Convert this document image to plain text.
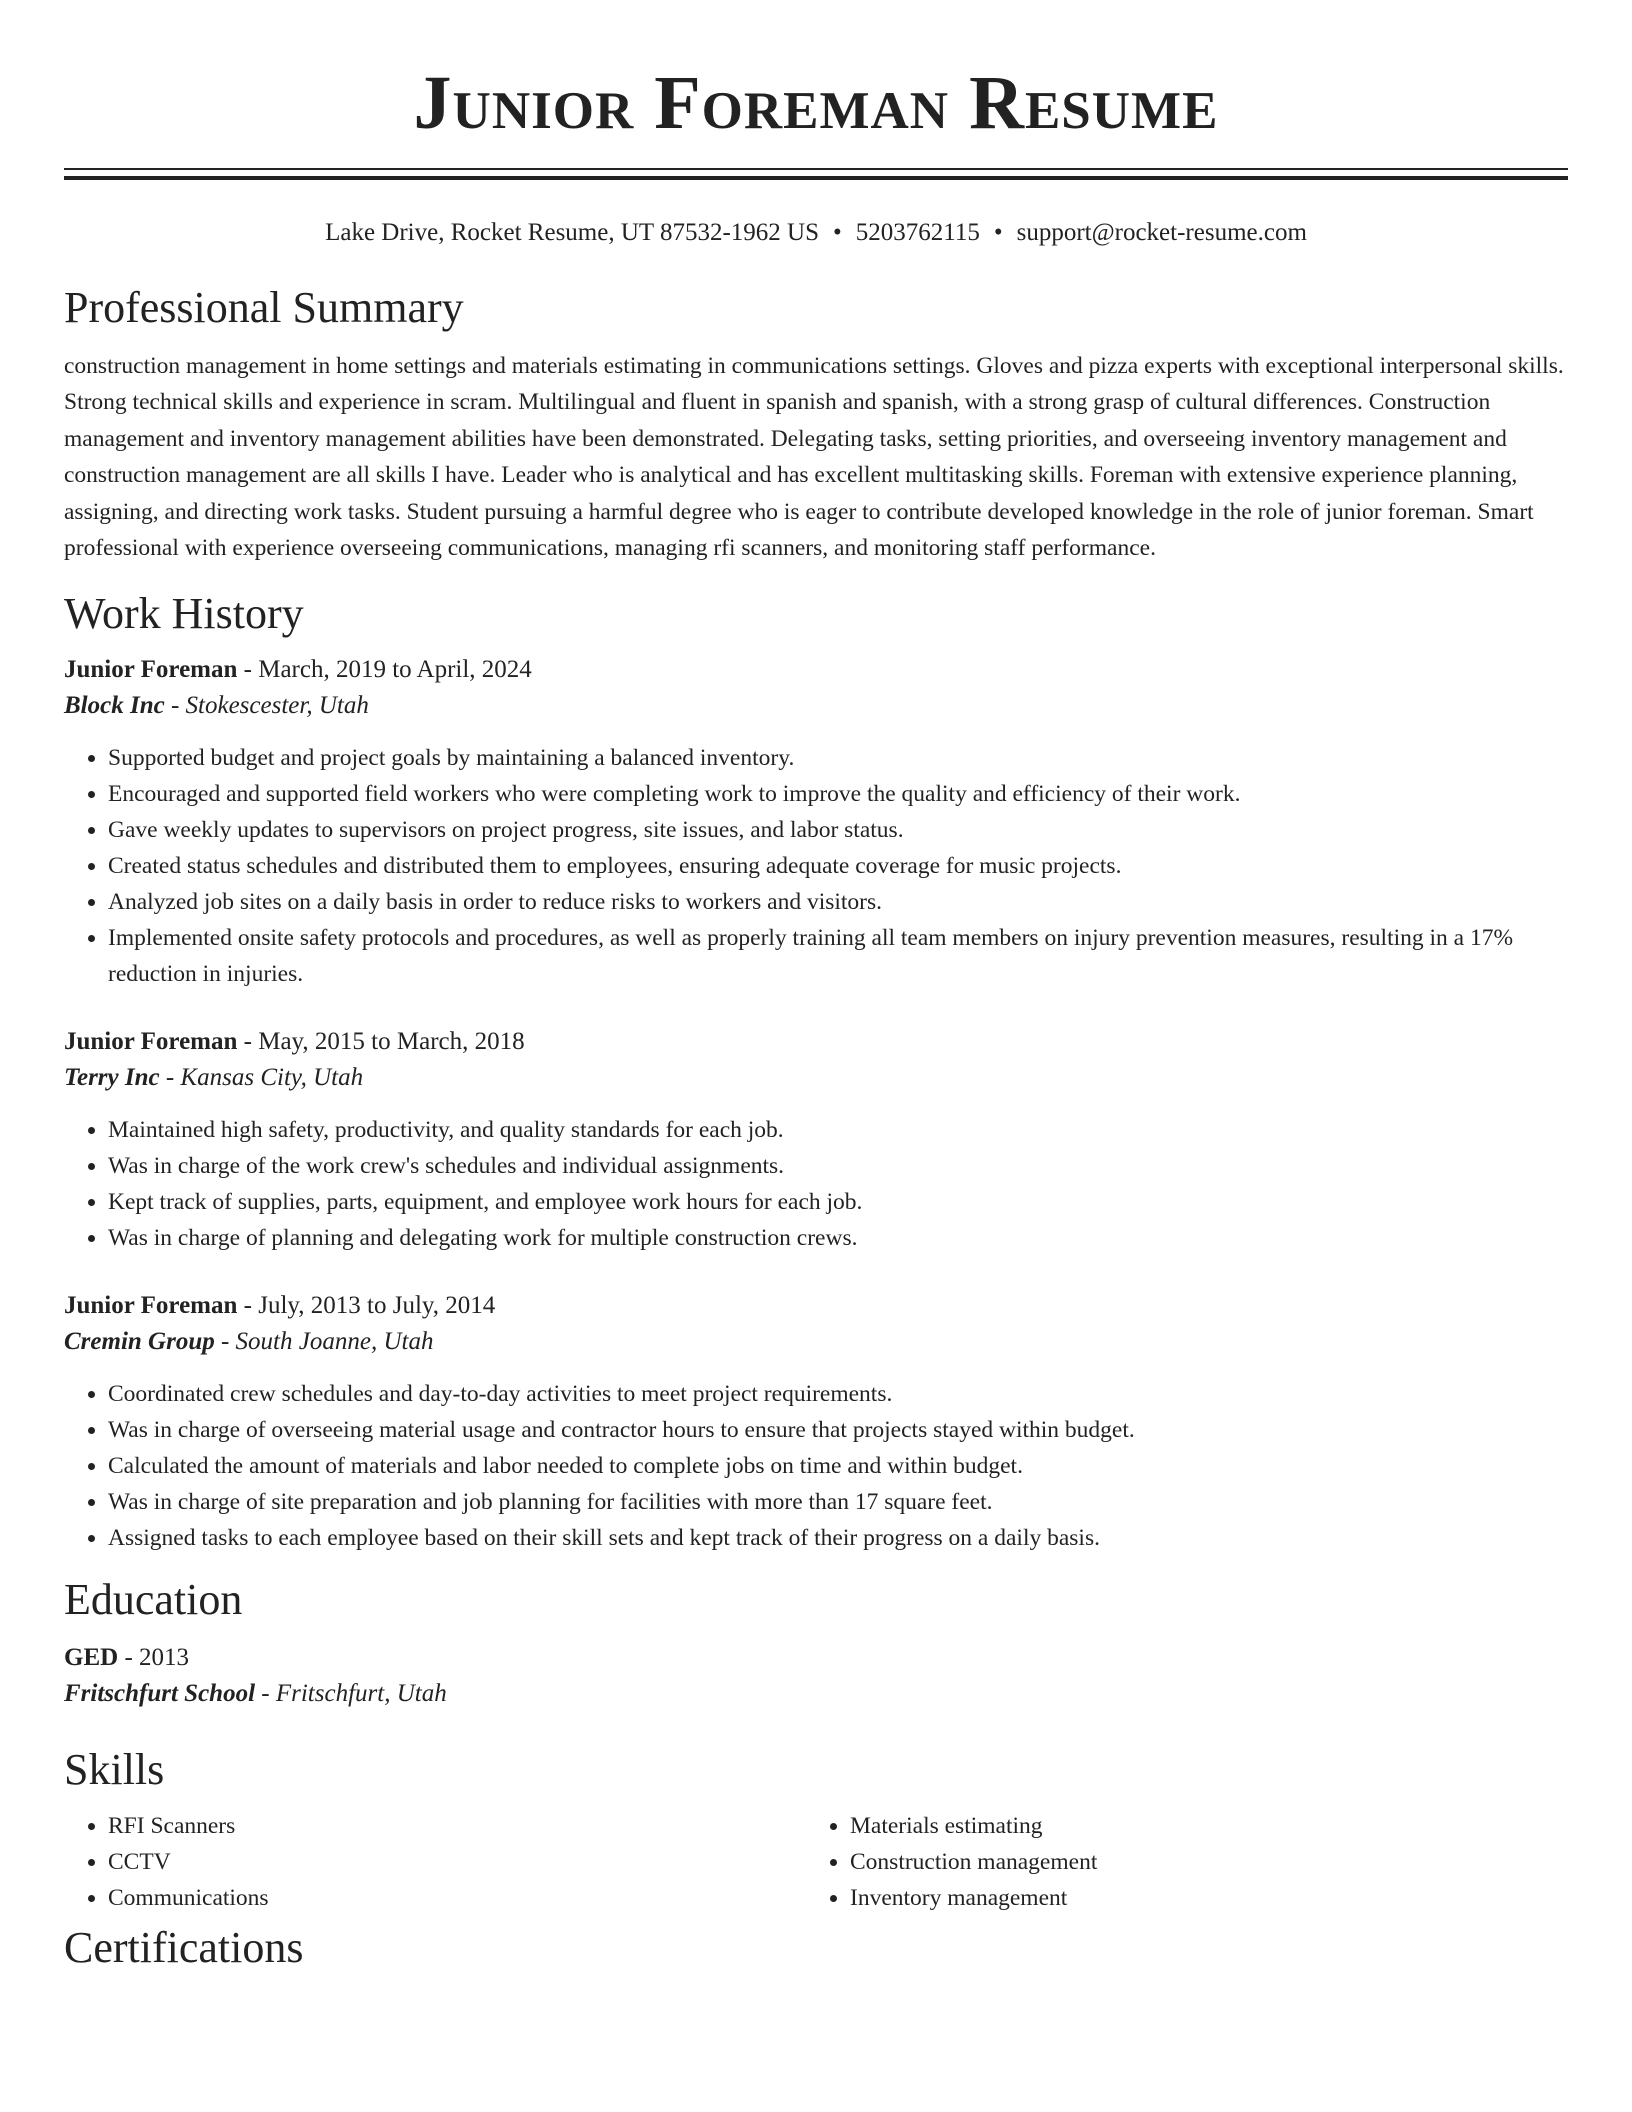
Junior Foreman Resume
Lake Drive, Rocket Resume, UT 87532-1962 US • 5203762115 • support@rocket-resume.com
Professional Summary

construction management in home settings and materials estimating in communications settings. Gloves and pizza experts with exceptional interpersonal skills. Strong technical skills and experience in scram. Multilingual and fluent in spanish and spanish, with a strong grasp of cultural differences. Construction management and inventory management abilities have been demonstrated. Delegating tasks, setting priorities, and overseeing inventory management and construction management are all skills I have. Leader who is analytical and has excellent multitasking skills. Foreman with extensive experience planning, assigning, and directing work tasks. Student pursuing a harmful degree who is eager to contribute developed knowledge in the role of junior foreman. Smart professional with experience overseeing communications, managing rfi scanners, and monitoring staff performance.

Work History
Junior Foreman - March, 2019 to April, 2024
Block Inc - Stokescester, Utah
• Supported budget and project goals by maintaining a balanced inventory.
• Encouraged and supported field workers who were completing work to improve the quality and efficiency of their work.
• Gave weekly updates to supervisors on project progress, site issues, and labor status.
• Created status schedules and distributed them to employees, ensuring adequate coverage for music projects.
• Analyzed job sites on a daily basis in order to reduce risks to workers and visitors.
• Implemented onsite safety protocols and procedures, as well as properly training all team members on injury prevention measures, resulting in a 17% reduction in injuries.
Junior Foreman - May, 2015 to March, 2018
Terry Inc - Kansas City, Utah
• Maintained high safety, productivity, and quality standards for each job.
• Was in charge of the work crew's schedules and individual assignments.
• Kept track of supplies, parts, equipment, and employee work hours for each job.
• Was in charge of planning and delegating work for multiple construction crews.
Junior Foreman - July, 2013 to July, 2014
Cremin Group - South Joanne, Utah
• Coordinated crew schedules and day-to-day activities to meet project requirements.
• Was in charge of overseeing material usage and contractor hours to ensure that projects stayed within budget.
• Calculated the amount of materials and labor needed to complete jobs on time and within budget.
• Was in charge of site preparation and job planning for facilities with more than 17 square feet.
• Assigned tasks to each employee based on their skill sets and kept track of their progress on a daily basis.
Education
GED - 2013
Fritschfurt School - Fritschfurt, Utah
Skills
• RFI Scanners
• CCTV
• Communications
• Materials estimating
• Construction management
• Inventory management
Certifications
